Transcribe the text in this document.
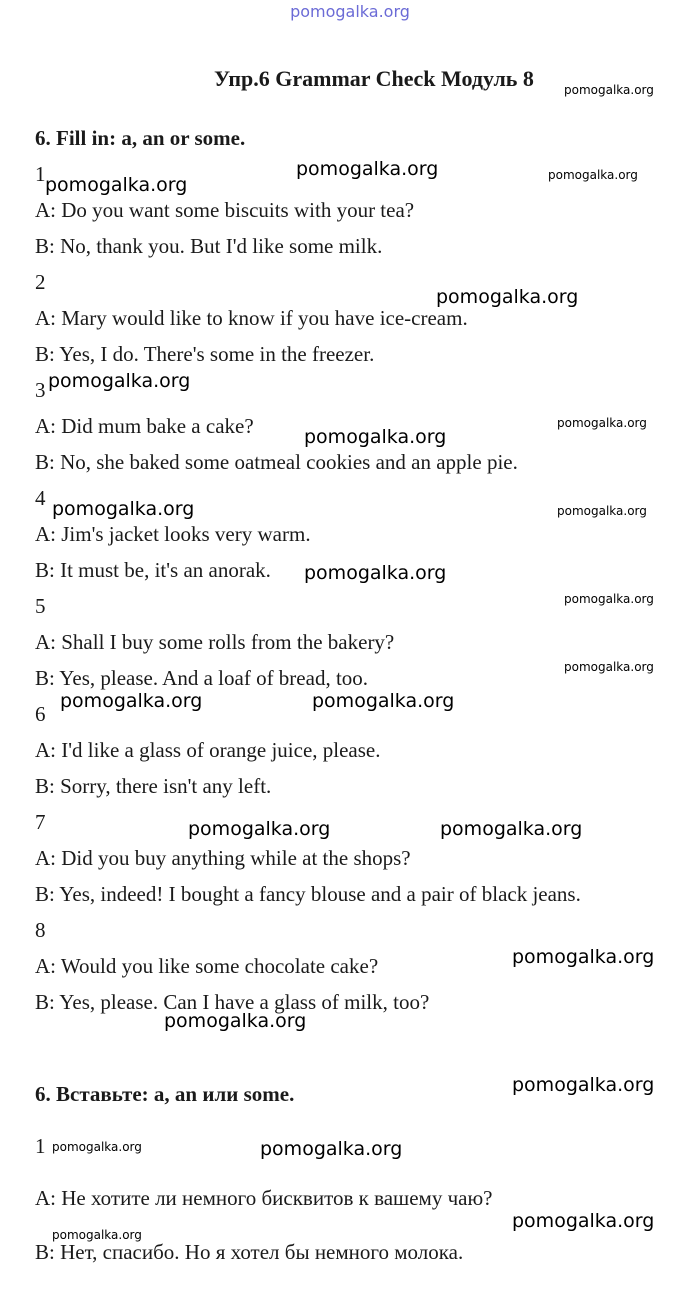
pomogalka.org
Упр.6 Grammar Check Модуль 8	pomogalka.org
6. Fill in: a, an or some.
1 pomogalka.org
pomogalka.org	pomogalka.org
A: Do you want some biscuits with your tea?
B: No, thank you. But I'd like some milk.
2
pomogalka.org
A: Mary would like to know if you have ice-cream.
B: Yes, I do. There's some in the freezer.
3 pomogalka.org
pomogalka.org
A: Did mum bake a cake?	pomogalka.org
B: No, she baked some oatmeal cookies and an apple pie.
4 pomogalka.org	pomogalka.org
A: Jim's jacket looks very warm.
B: It must be, it's an anorak. pomogalka.org
5	pomogalka.org
A: Shall I buy some rolls from the bakery?
pomogalka.org
B: Yes, please. And a loaf of bread, too.
6
pomogalka.org	pomogalka.org
A: I'd like a glass of orange juice, please.
B: Sorry, there isn't any left.
7	pomogalka.org	pomogalka.org
A: Did you buy anything while at the shops?
B: Yes, indeed! I bought a fancy blouse and a pair of black jeans.
8
pomogalka.org
A: Would you like some chocolate cake?
B: Yes, please. Can I have a glass of milk, too?
pomogalka.org
6. Вставьте: a, an или some.	pomogalka.org
1 pomogalka.org	pomogalka.org
A: Не хотите ли немного бисквитов к вашему чаю?
pomogalka.org
pomogalka.org
B: Нет, спасибо. Но я хотел бы немного молока.
